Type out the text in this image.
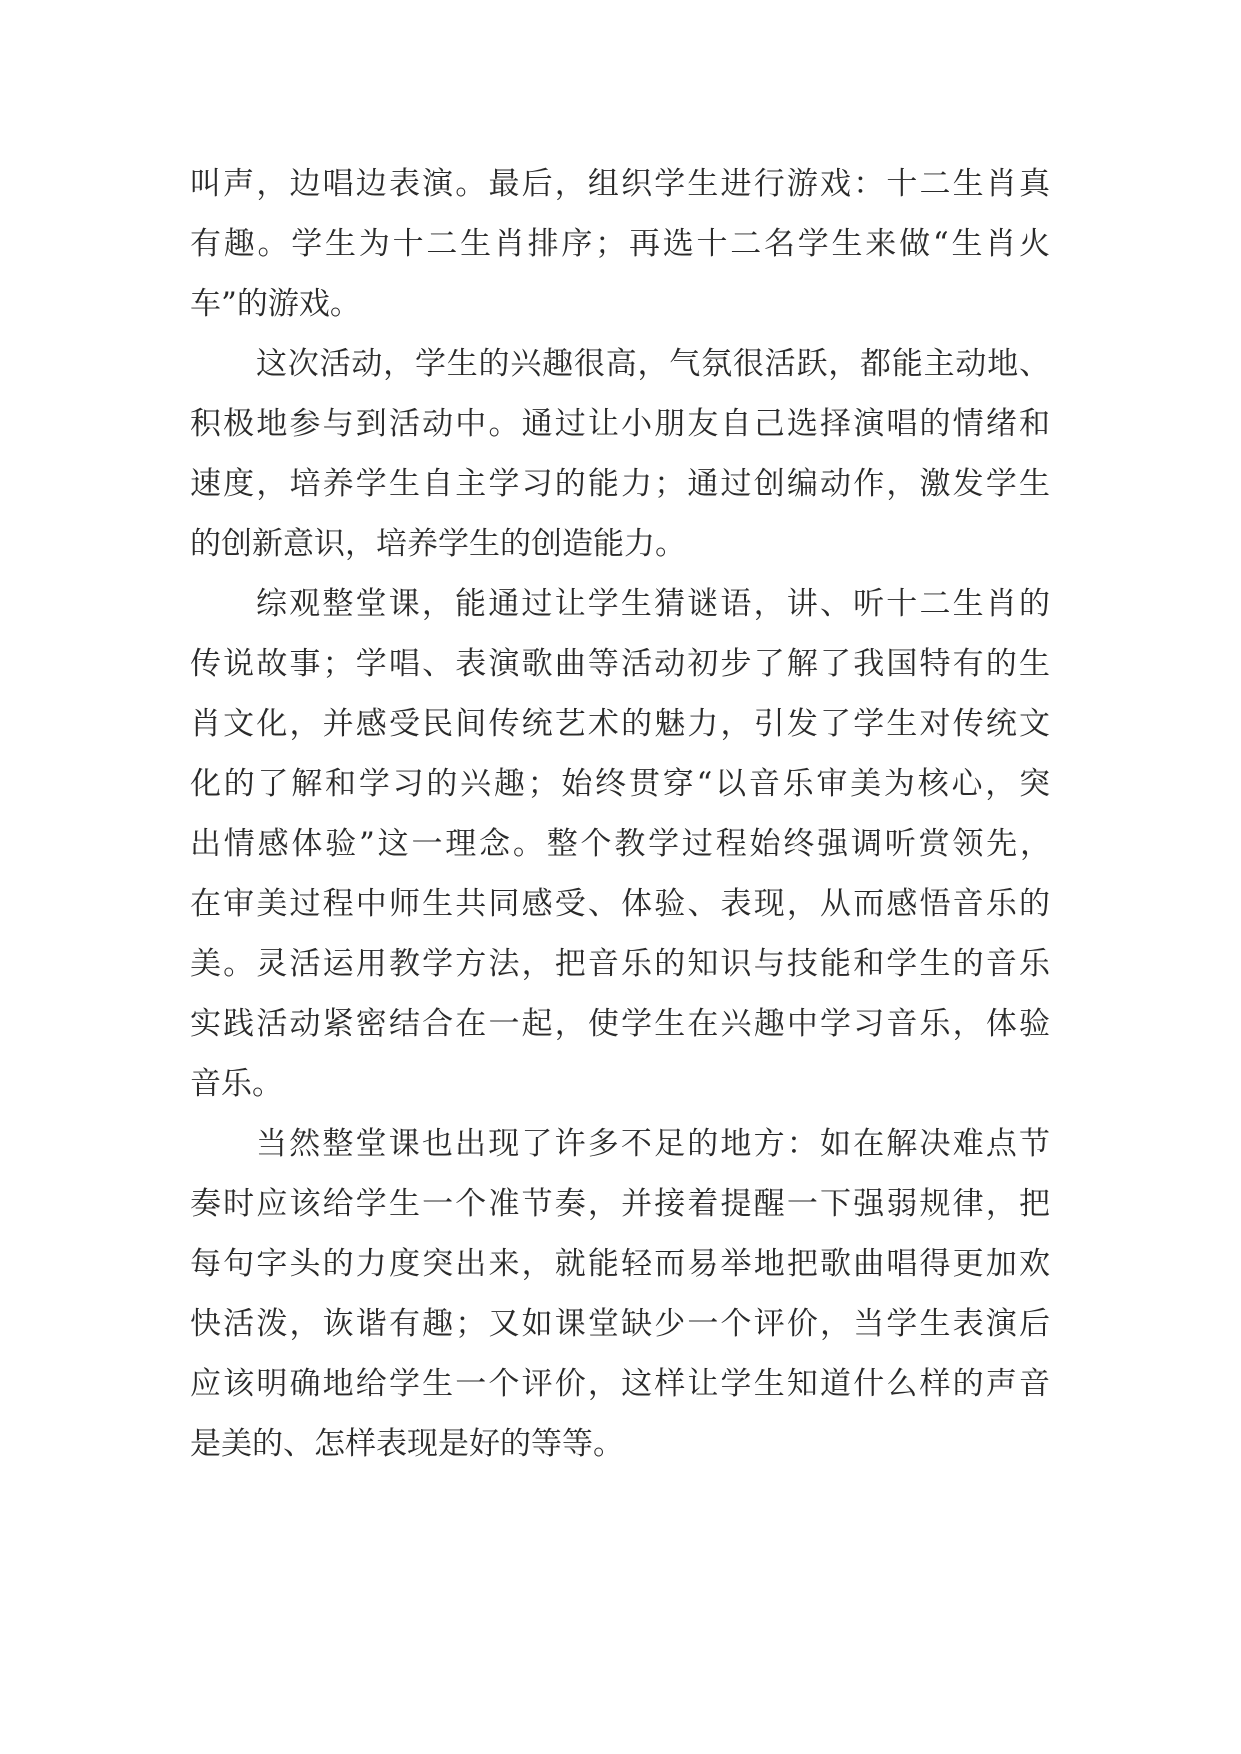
叫声，边唱边表演。最后，组织学生进行游戏：十二生肖真
有趣。学生为十二生肖排序；再选十二名学生来做“生肖火
车”的游戏。
这次活动，学生的兴趣很高，气氛很活跃，都能主动地、
积极地参与到活动中。通过让小朋友自己选择演唱的情绪和
速度，培养学生自主学习的能力；通过创编动作，激发学生
的创新意识，培养学生的创造能力。
综观整堂课，能通过让学生猜谜语，讲、听十二生肖的
传说故事；学唱、表演歌曲等活动初步了解了我国特有的生
肖文化，并感受民间传统艺术的魅力，引发了学生对传统文
化的了解和学习的兴趣；始终贯穿“以音乐审美为核心，突
出情感体验”这一理念。整个教学过程始终强调听赏领先，
在审美过程中师生共同感受、体验、表现，从而感悟音乐的
美。灵活运用教学方法，把音乐的知识与技能和学生的音乐
实践活动紧密结合在一起，使学生在兴趣中学习音乐，体验
音乐。
当然整堂课也出现了许多不足的地方：如在解决难点节
奏时应该给学生一个准节奏，并接着提醒一下强弱规律，把
每句字头的力度突出来，就能轻而易举地把歌曲唱得更加欢
快活泼，诙谐有趣；又如课堂缺少一个评价，当学生表演后
应该明确地给学生一个评价，这样让学生知道什么样的声音
是美的、怎样表现是好的等等。
